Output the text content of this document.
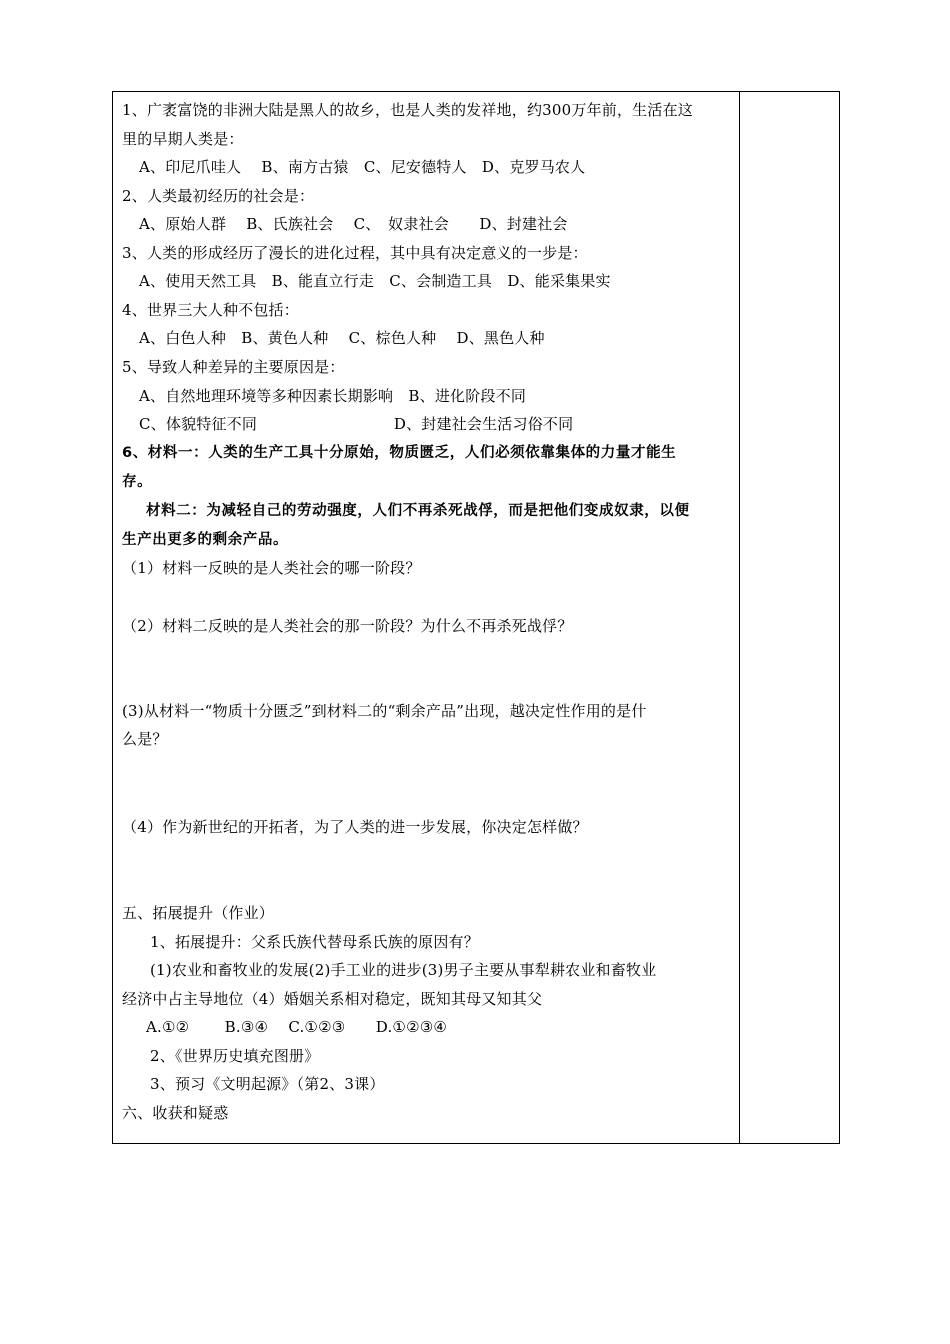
1、广袤富饶的非洲大陆是黑人的故乡，也是人类的发祥地，约300万年前，生活在这
里的早期人类是：
A、印尼爪哇人　 B、南方古猿　C、尼安德特人　D、克罗马农人
2、人类最初经历的社会是：
A、原始人群　 B、氏族社会　 C、　奴隶社会　　D、封建社会
3、人类的形成经历了漫长的进化过程，其中具有决定意义的一步是：
A、使用天然工具　B、能直立行走　C、会制造工具　D、能采集果实
4、世界三大人种不包括：
A、白色人种　B、黄色人种　 C、棕色人种　 D、黑色人种
5、导致人种差异的主要原因是：
A、自然地理环境等多种因素长期影响　B、进化阶段不同
C、体貌特征不同　　　　　　　　　D、封建社会生活习俗不同
6、材料一：人类的生产工具十分原始，物质匮乏，人们必须依靠集体的力量才能生
存。
材料二：为减轻自己的劳动强度，人们不再杀死战俘，而是把他们变成奴隶，以便
生产出更多的剩余产品。
（1）材料一反映的是人类社会的哪一阶段？
（2）材料二反映的是人类社会的那一阶段？为什么不再杀死战俘？
(3)从材料一“物质十分匮乏”到材料二的“剩余产品”出现，越决定性作用的是什
么是？
（4）作为新世纪的开拓者，为了人类的进一步发展，你决定怎样做？
五、拓展提升（作业）
1、拓展提升：父系氏族代替母系氏族的原因有？
(1)农业和畜牧业的发展(2)手工业的进步(3)男子主要从事犁耕农业和畜牧业
经济中占主导地位（4）婚姻关系相对稳定，既知其母又知其父
A.①②　　 B.③④　 C.①②③　　D.①②③④
2、《世界历史填充图册》
3、预习《文明起源》（第2、3课）
六、收获和疑惑
